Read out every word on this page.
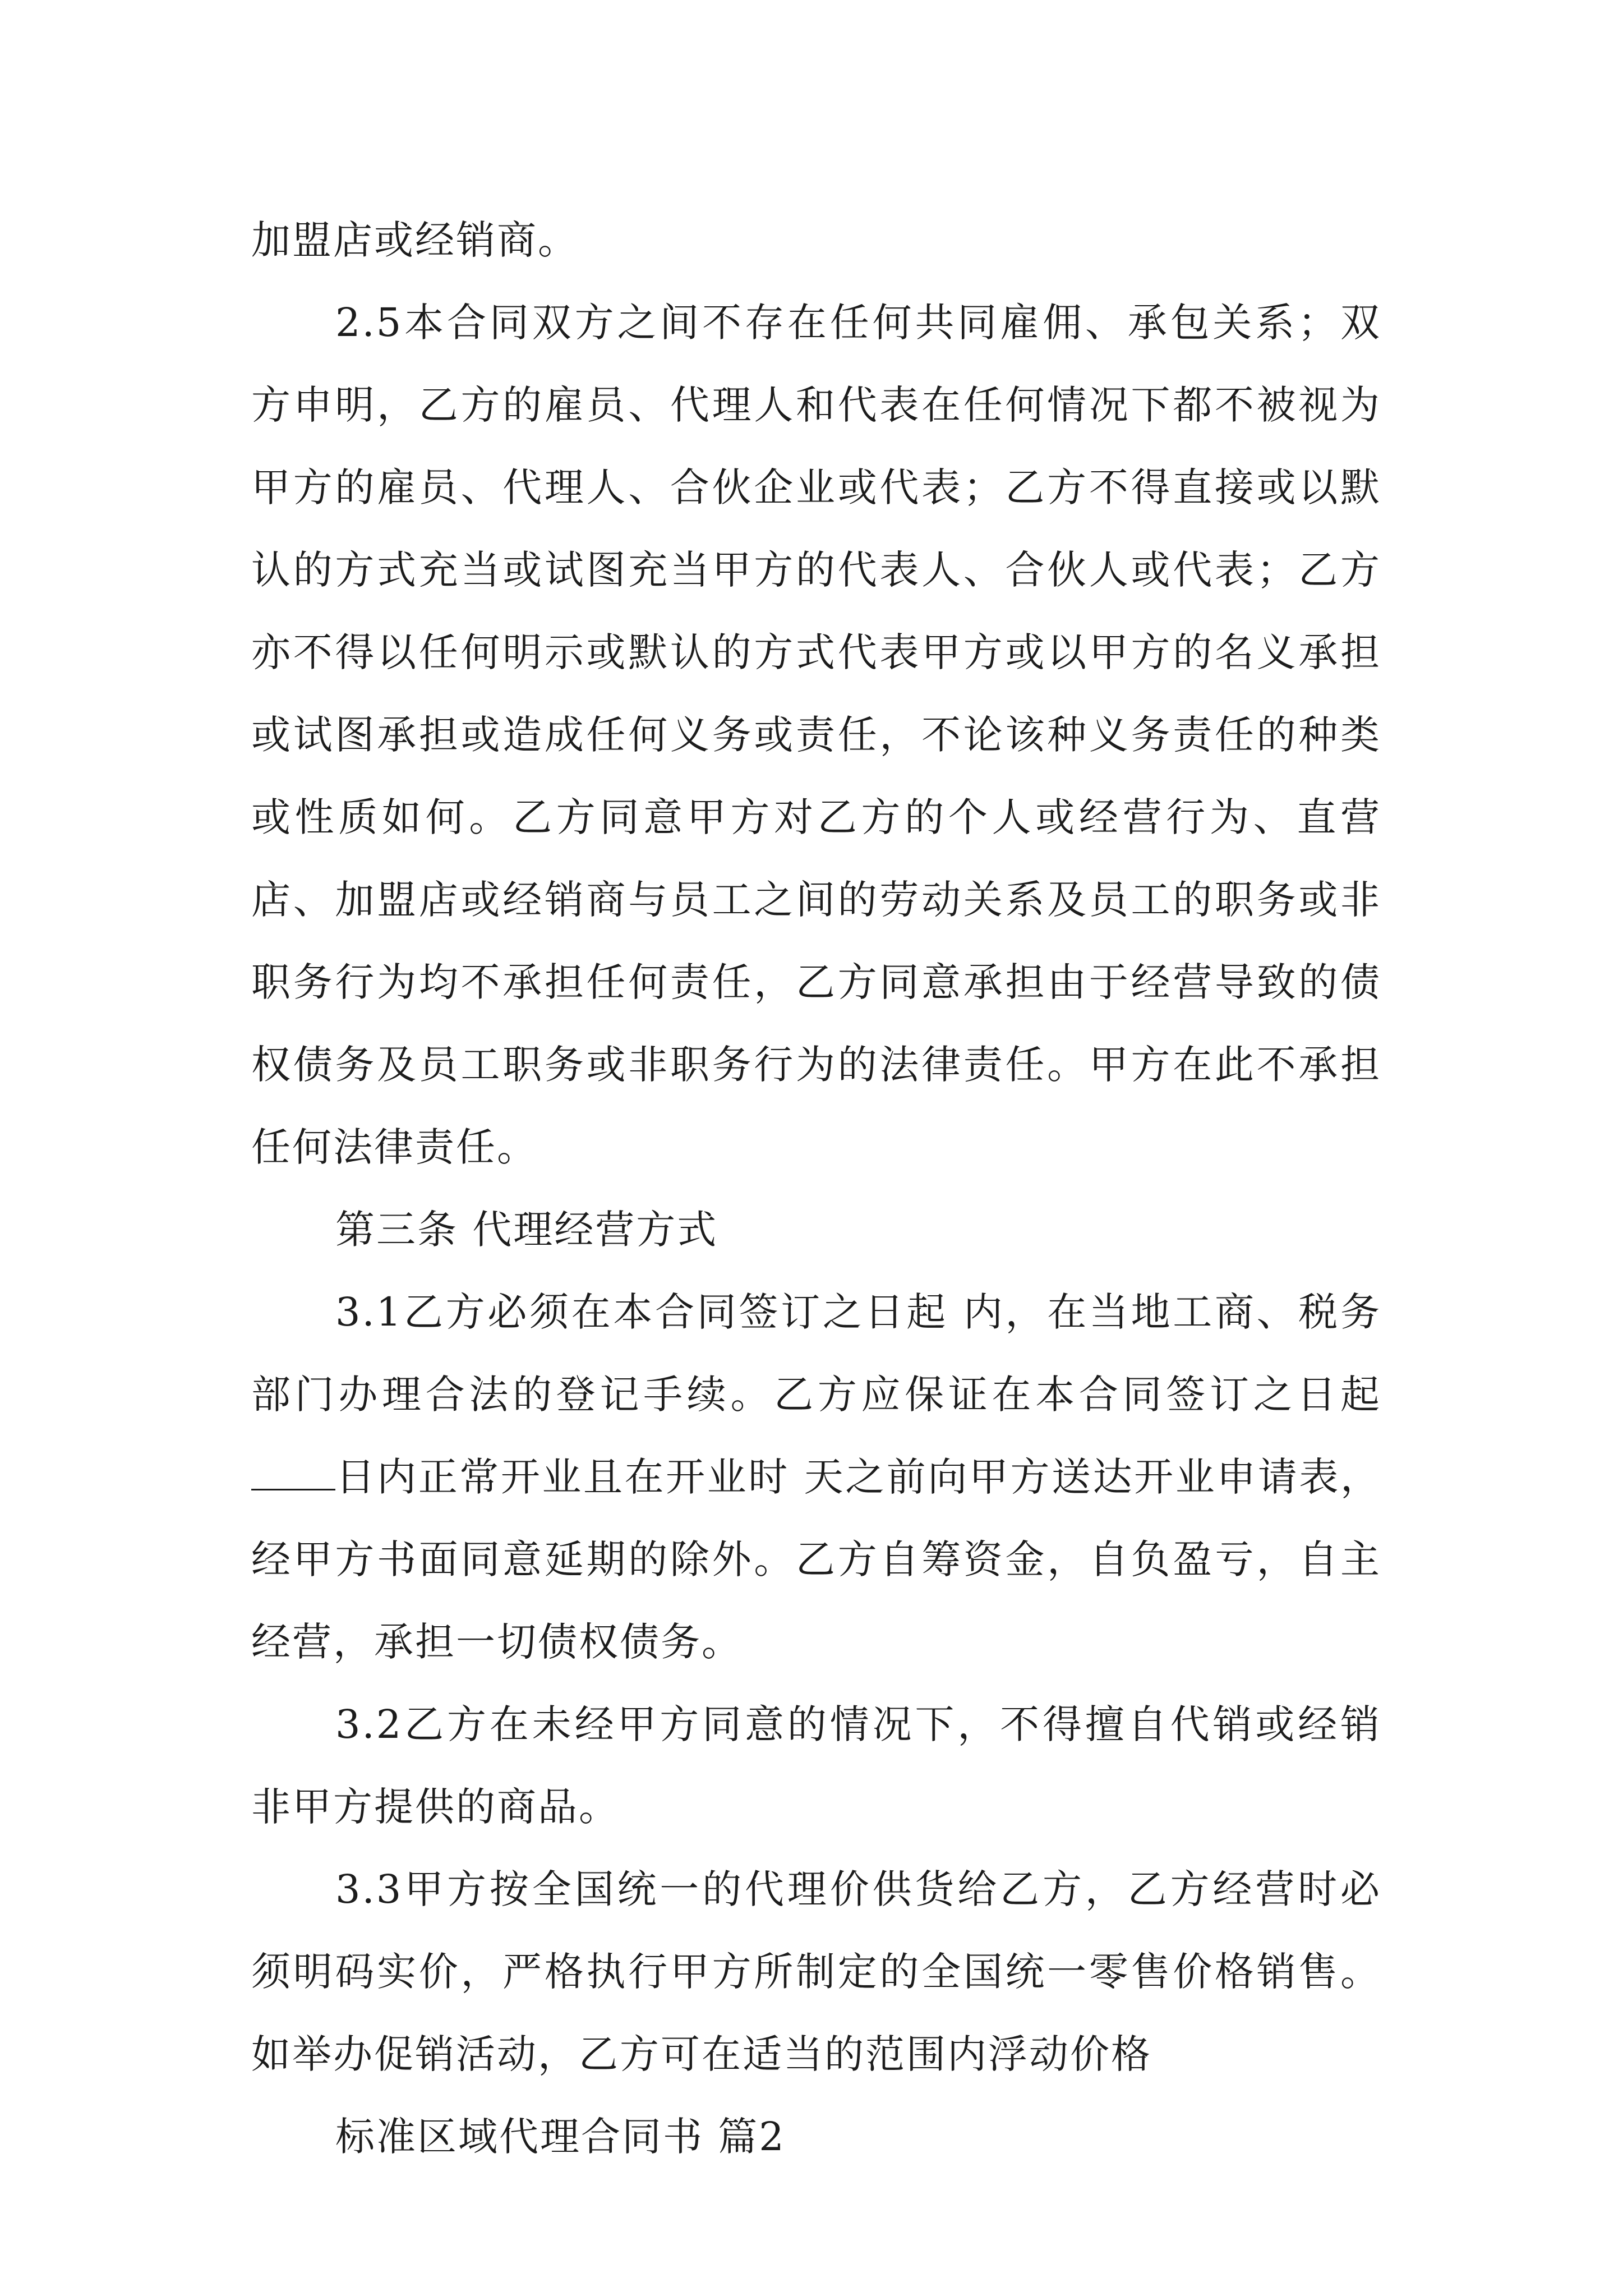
加盟店或经销商。

2.5本合同双方之间不存在任何共同雇佣、承包关系；双方申明，乙方的雇员、代理人和代表在任何情况下都不被视为甲方的雇员、代理人、合伙企业或代表；乙方不得直接或以默认的方式充当或试图充当甲方的代表人、合伙人或代表；乙方亦不得以任何明示或默认的方式代表甲方或以甲方的名义承担或试图承担或造成任何义务或责任，不论该种义务责任的种类或性质如何。乙方同意甲方对乙方的个人或经营行为、直营店、加盟店或经销商与员工之间的劳动关系及员工的职务或非职务行为均不承担任何责任，乙方同意承担由于经营导致的债权债务及员工职务或非职务行为的法律责任。甲方在此不承担任何法律责任。

第三条 代理经营方式

3.1乙方必须在本合同签订之日起 内，在当地工商、税务部门办理合法的登记手续。乙方应保证在本合同签订之日起日内正常开业且在开业时 天之前向甲方送达开业申请表，经甲方书面同意延期的除外。乙方自筹资金，自负盈亏，自主经营，承担一切债权债务。

3.2乙方在未经甲方同意的情况下，不得擅自代销或经销非甲方提供的商品。

3.3甲方按全国统一的代理价供货给乙方，乙方经营时必须明码实价，严格执行甲方所制定的全国统一零售价格销售。如举办促销活动，乙方可在适当的范围内浮动价格

标准区域代理合同书 篇2
